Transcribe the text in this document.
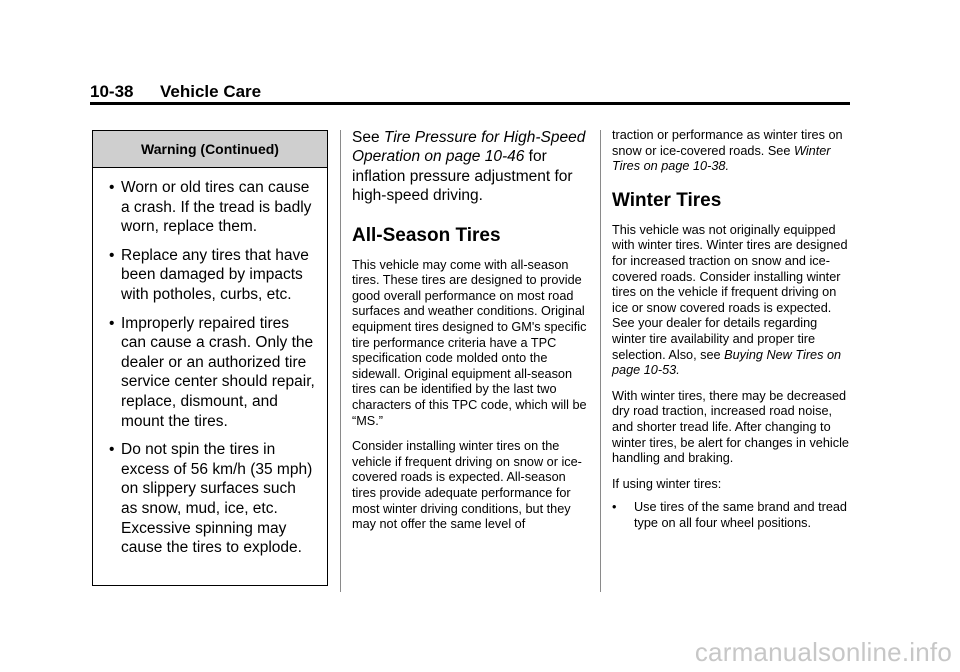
10-38 Vehicle Care
Warning (Continued)
• Worn or old tires can cause a crash. If the tread is badly worn, replace them.
• Replace any tires that have been damaged by impacts with potholes, curbs, etc.
• Improperly repaired tires can cause a crash. Only the dealer or an authorized tire service center should repair, replace, dismount, and mount the tires.
• Do not spin the tires in excess of 56 km/h (35 mph) on slippery surfaces such as snow, mud, ice, etc. Excessive spinning may cause the tires to explode.

See Tire Pressure for High-Speed Operation on page 10-46 for inflation pressure adjustment for high-speed driving.

All-Season Tires

This vehicle may come with all-season tires. These tires are designed to provide good overall performance on most road surfaces and weather conditions. Original equipment tires designed to GM's specific tire performance criteria have a TPC specification code molded onto the sidewall. Original equipment all-season tires can be identified by the last two characters of this TPC code, which will be “MS.”

Consider installing winter tires on the vehicle if frequent driving on snow or ice-covered roads is expected. All-season tires provide adequate performance for most winter driving conditions, but they may not offer the same level of

traction or performance as winter tires on snow or ice-covered roads. See Winter Tires on page 10-38.

Winter Tires

This vehicle was not originally equipped with winter tires. Winter tires are designed for increased traction on snow and ice-covered roads. Consider installing winter tires on the vehicle if frequent driving on ice or snow covered roads is expected. See your dealer for details regarding winter tire availability and proper tire selection. Also, see Buying New Tires on page 10-53.

With winter tires, there may be decreased dry road traction, increased road noise, and shorter tread life. After changing to winter tires, be alert for changes in vehicle handling and braking.

If using winter tires:

• Use tires of the same brand and tread type on all four wheel positions.
carmanualsonline.info
